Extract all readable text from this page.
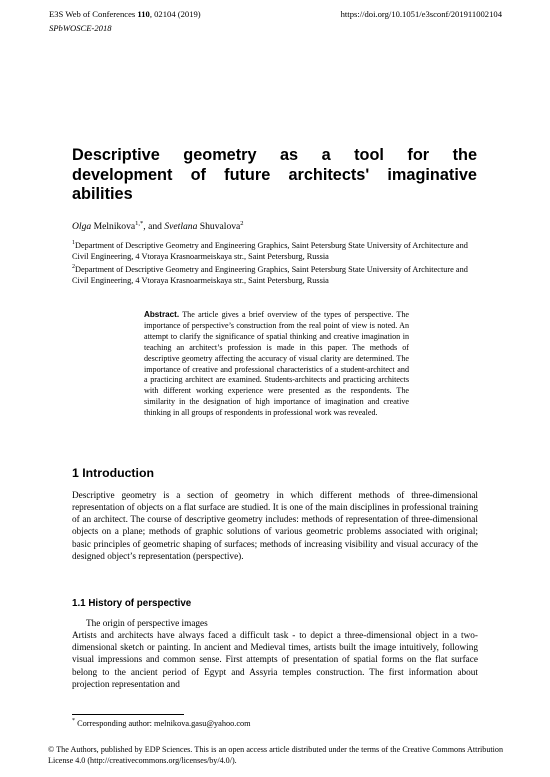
E3S Web of Conferences 110, 02104 (2019)	https://doi.org/10.1051/e3sconf/201911002104
SPbWOSCE-2018
Descriptive geometry as a tool for the
development of future architects' imaginative
abilities
Olga Melnikova$^{1,*}$, and Svetlana Shuvalova$^2$
$^1$Department of Descriptive Geometry and Engineering Graphics, Saint Petersburg State University of Architecture and Civil Engineering, 4 Vtoraya Krasnoarmeiskaya str., Saint Petersburg, Russia
$^2$Department of Descriptive Geometry and Engineering Graphics, Saint Petersburg State University of Architecture and Civil Engineering, 4 Vtoraya Krasnoarmeiskaya str., Saint Petersburg, Russia
Abstract. The article gives a brief overview of the types of perspective. The importance of perspective’s construction from the real point of view is noted. An attempt to clarify the significance of spatial thinking and creative imagination in teaching an architect’s profession is made in this paper. The methods of descriptive geometry affecting the accuracy of visual clarity are determined. The importance of creative and professional characteristics of a student-architect and a practicing architect are examined. Students-architects and practicing architects with different working experience were presented as the respondents. The similarity in the designation of high importance of imagination and creative thinking in all groups of respondents in professional work was revealed.
1 Introduction
Descriptive geometry is a section of geometry in which different methods of three-dimensional representation of objects on a flat surface are studied. It is one of the main disciplines in professional training of an architect. The course of descriptive geometry includes: methods of representation of three-dimensional objects on a plane; methods of graphic solutions of various geometric problems associated with original; basic principles of geometric shaping of surfaces; methods of increasing visibility and visual accuracy of the designed object’s representation (perspective).
1.1 History of perspective
The origin of perspective images
Artists and architects have always faced a difficult task - to depict a three-dimensional object in a two-dimensional sketch or painting. In ancient and Medieval times, artists built the image intuitively, following visual impressions and common sense. First attempts of presentation of spatial forms on the flat surface belong to the ancient period of Egypt and Assyria temples construction. The first information about projection representation and
* Corresponding author: melnikova.gasu@yahoo.com
© The Authors, published by EDP Sciences. This is an open access article distributed under the terms of the Creative Commons Attribution License 4.0 (http://creativecommons.org/licenses/by/4.0/).
